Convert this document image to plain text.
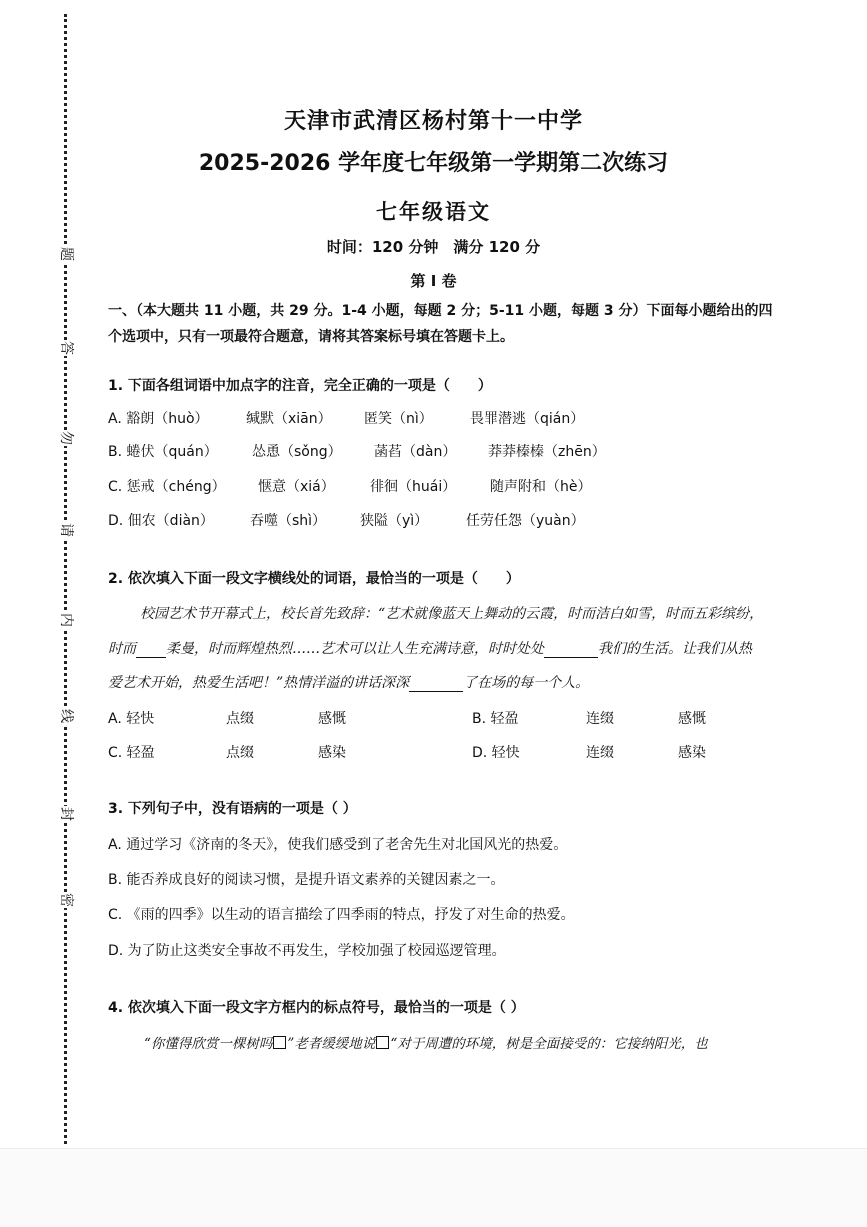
题
答
勿
请
内
线
封
密
天津市武清区杨村第十一中学
2025-2026 学年度七年级第一学期第二次练习
七年级语文
时间：120 分钟　满分 120 分
第 I 卷
一、（本大题共 11 小题，共 29 分。1-4 小题，每题 2 分；5-11 小题，每题 3 分）下面每小题给出的四
个选项中，只有一项最符合题意，请将其答案标号填在答题卡上。
1. 下面各组词语中加点字的注音，完全正确的一项是（　　）
A. 豁朗（huò）	缄默（xiān） 匿笑（nì）	畏罪潜逃（qián）
B. 蜷伏（quán） 怂恿（sǒng） 菡萏（dàn） 莽莽榛榛（zhēn）
C. 惩戒（chéng） 惬意（xiá）	徘徊（huái） 随声附和（hè）
D. 佃农（diàn）	吞噬（shì） 狭隘（yì）	任劳任怨（yuàn）
2. 依次填入下面一段文字横线处的词语，最恰当的一项是（　　）
校园艺术节开幕式上，校长首先致辞：“艺术就像蓝天上舞动的云霞，时而洁白如雪，时而五彩缤纷，
时而 柔曼，时而辉煌热烈……艺术可以让人生充满诗意，时时处处	我们的生活。让我们从热
爱艺术开始，热爱生活吧！”热情洋溢的讲话深深	了在场的每一个人。
A. 轻快	点缀	感慨	B. 轻盈	连缀	感慨
C. 轻盈	点缀	感染	D. 轻快	连缀	感染
3. 下列句子中，没有语病的一项是（ ）
A. 通过学习《济南的冬天》，使我们感受到了老舍先生对北国风光的热爱。
B. 能否养成良好的阅读习惯，是提升语文素养的关键因素之一。
C. 《雨的四季》以生动的语言描绘了四季雨的特点，抒发了对生命的热爱。
D. 为了防止这类安全事故不再发生，学校加强了校园巡逻管理。
4. 依次填入下面一段文字方框内的标点符号，最恰当的一项是（ ）
“你懂得欣赏一棵树吗 ”老者缓缓地说 “对于周遭的环境，树是全面接受的：它接纳阳光，也
